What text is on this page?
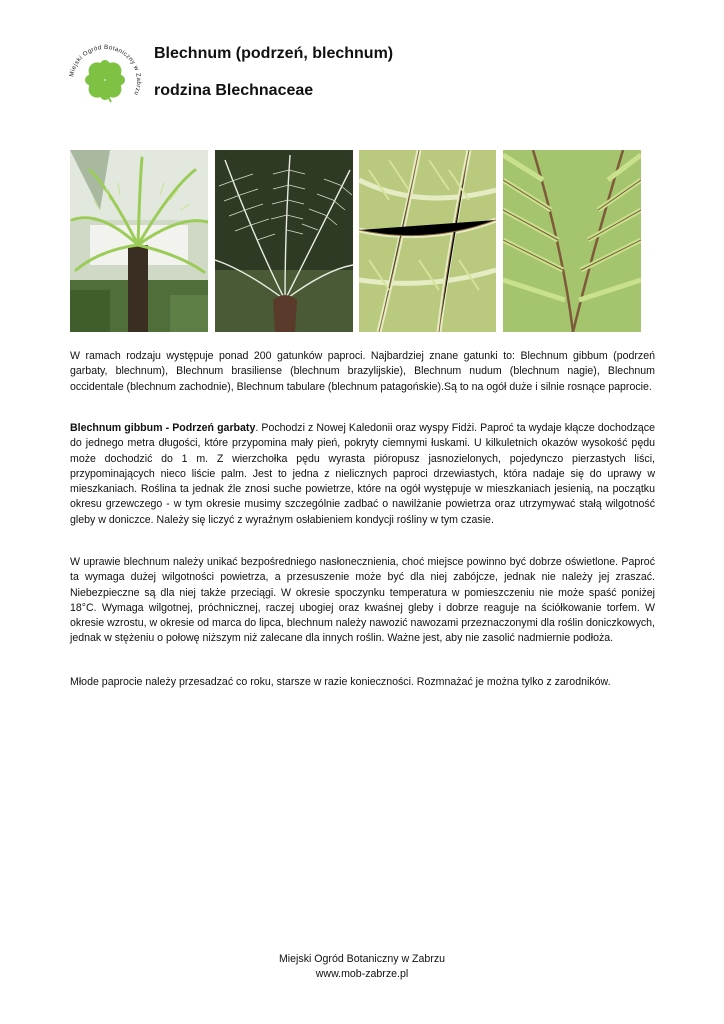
Miejski Ogród Botaniczny w Zabrzu
Blechnum (podrzeń, blechnum)
rodzina Blechnaceae

W ramach rodzaju występuje ponad 200 gatunków paproci. Najbardziej znane gatunki to: Blechnum gibbum (podrzeń garbaty, blechnum), Blechnum brasiliense (blechnum brazylijskie), Blechnum nudum (blechnum nagie), Blechnum occidentale (blechnum zachodnie), Blechnum tabulare (blechnum patagońskie).Są to na ogół duże i silnie rosnące paprocie.

Blechnum gibbum - Podrzeń garbaty. Pochodzi z Nowej Kaledonii oraz wyspy Fidżi. Paproć ta wydaje kłącze dochodzące do jednego metra długości, które przypomina mały pień, pokryty ciemnymi łuskami. U kilkuletnich okazów wysokość pędu może dochodzić do 1 m. Z wierzchołka pędu wyrasta pióropusz jasnozielonych, pojedynczo pierzastych liści, przypominających nieco liście palm. Jest to jedna z nielicznych paproci drzewiastych, która nadaje się do uprawy w mieszkaniach. Roślina ta jednak źle znosi suche powietrze, które na ogół występuje w mieszkaniach jesienią, na początku okresu grzewczego - w tym okresie musimy szczególnie zadbać o nawilżanie powietrza oraz utrzymywać stałą wilgotność gleby w doniczce. Należy się liczyć z wyraźnym osłabieniem kondycji rośliny w tym czasie.

W uprawie blechnum należy unikać bezpośredniego nasłonecznienia, choć miejsce powinno być dobrze oświetlone. Paproć ta wymaga dużej wilgotności powietrza, a przesuszenie może być dla niej zabójcze, jednak nie należy jej zraszać. Niebezpieczne są dla niej także przeciągi. W okresie spoczynku temperatura w pomieszczeniu nie może spaść poniżej 18°C. Wymaga wilgotnej, próchnicznej, raczej ubogiej oraz kwaśnej gleby i dobrze reaguje na ściółkowanie torfem. W okresie wzrostu, w okresie od marca do lipca, blechnum należy nawozić nawozami przeznaczonymi dla roślin doniczkowych, jednak w stężeniu o połowę niższym niż zalecane dla innych roślin. Ważne jest, aby nie zasolić nadmiernie podłoża.

Młode paprocie należy przesadzać co roku, starsze w razie konieczności. Rozmnażać je można tylko z zarodników.

Miejski Ogród Botaniczny w Zabrzu

www.mob-zabrze.pl
